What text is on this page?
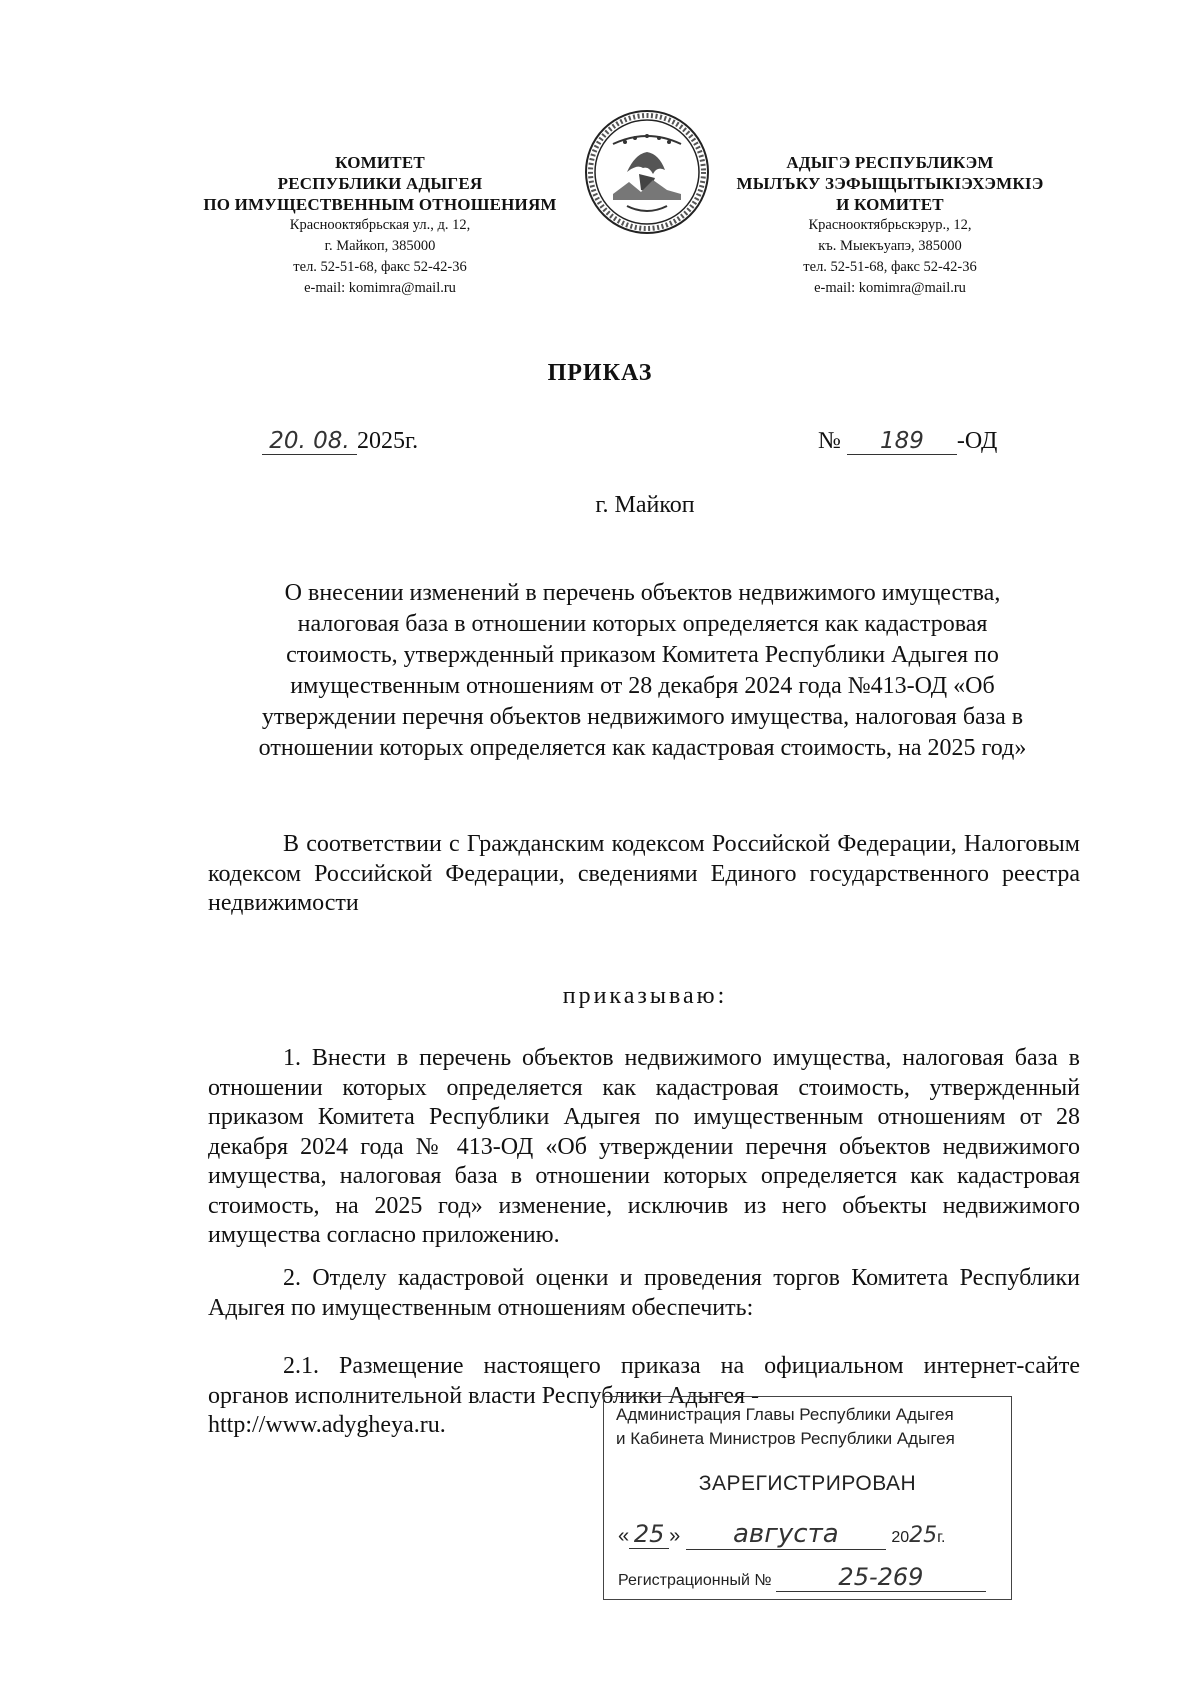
КОМИТЕТ
РЕСПУБЛИКИ АДЫГЕЯ
ПО ИМУЩЕСТВЕННЫМ ОТНОШЕНИЯМ
Красноoктябрьская ул., д. 12,
г. Майкоп, 385000
тел. 52-51-68, факс 52-42-36
e-mail: komimra@mail.ru
АДЫГЭ РЕСПУБЛИКЭМ
МЫЛЪКУ ЗЭФЫЩЫТЫКIЭХЭМКIЭ
И КОМИТЕТ
Краснооктябрьскэрур., 12,
къ. Мыекъуапэ, 385000
тел. 52-51-68, факс 52-42-36
e-mail: komimra@mail.ru
ПРИКАЗ
20. 08. 2025г.	№ 189 -ОД
г. Майкоп
О внесении изменений в перечень объектов недвижимого имущества,
налоговая база в отношении которых определяется как кадастровая
стоимость, утвержденный приказом Комитета Республики Адыгея по
имущественным отношениям от 28 декабря 2024 года №413-ОД «Об
утверждении перечня объектов недвижимого имущества, налоговая база в
отношении которых определяется как кадастровая стоимость, на 2025 год»
В соответствии с Гражданским кодексом Российской Федерации, Налоговым кодексом Российской Федерации, сведениями Единого государственного реестра недвижимости
приказываю:
1. Внести в перечень объектов недвижимого имущества, налоговая база в отношении которых определяется как кадастровая стоимость, утвержденный приказом Комитета Республики Адыгея по имущественным отношениям от 28 декабря 2024 года № 413-ОД «Об утверждении перечня объектов недвижимого имущества, налоговая база в отношении которых определяется как кадастровая стоимость, на 2025 год» изменение, исключив из него объекты недвижимого имущества согласно приложению.
2. Отделу кадастровой оценки и проведения торгов Комитета Республики Адыгея по имущественным отношениям обеспечить:
2.1. Размещение настоящего приказа на официальном интернет-сайте органов исполнительной власти Республики Адыгея -
http://www.adygheya.ru.	Администрация Главы Республики Адыгея
и Кабинета Министров Республики Адыгея
ЗАРЕГИСТРИРОВАН
« 25 » августа	2025г.
Регистрационный №	25-269
